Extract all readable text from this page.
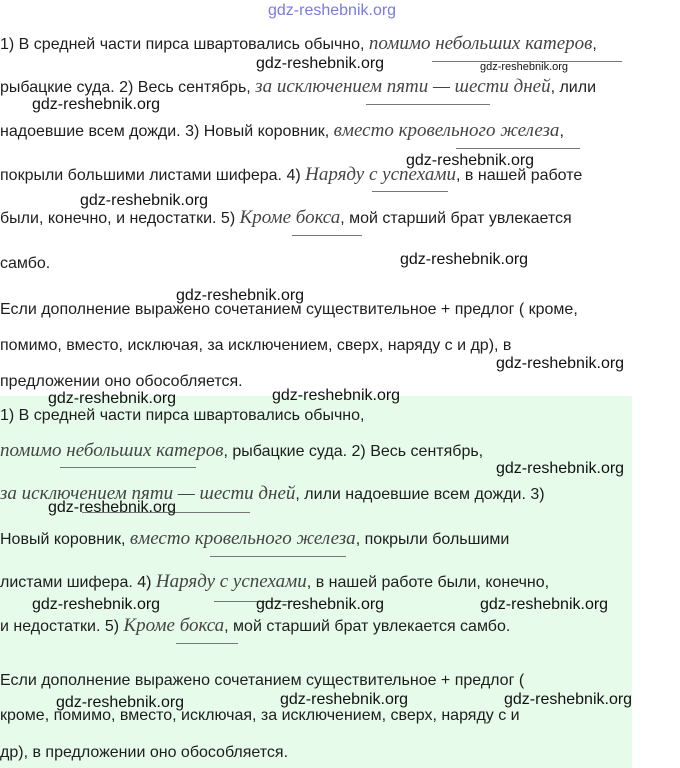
gdz-reshebnik.org
1) В средней части пирса швартовались обычно, помимо небольших катеров,
рыбацкие суда. 2) Весь сентябрь, за исключением пяти — шести дней, лили
надоевшие всем дожди. 3) Новый коровник, вместо кровельного железа,
покрыли большими листами шифера. 4) Наряду с успехами, в нашей работе
были, конечно, и недостатки. 5) Кроме бокса, мой старший брат увлекается
самбо.
Если дополнение выражено сочетанием существительное + предлог ( кроме,
помимо, вместо, исключая, за исключением, сверх, наряду с и др), в
предложении оно обособляется.
1) В средней части пирса швартовались обычно,
помимо небольших катеров, рыбацкие суда. 2) Весь сентябрь,
за исключением пяти — шести дней, лили надоевшие всем дожди. 3)
Новый коровник, вместо кровельного железа, покрыли большими
листами шифера. 4) Наряду с успехами, в нашей работе были, конечно,
и недостатки. 5) Кроме бокса, мой старший брат увлекается самбо.
Если дополнение выражено сочетанием существительное + предлог (
кроме, помимо, вместо, исключая, за исключением, сверх, наряду с и
др), в предложении оно обособляется.
gdz-reshebnik.org	gdz-reshebnik.org
gdz-reshebnik.org
gdz-reshebnik.org
gdz-reshebnik.org
gdz-reshebnik.org
gdz-reshebnik.org
gdz-reshebnik.org
gdz-reshebnik.org	gdz-reshebnik.org
gdz-reshebnik.org
gdz-reshebnik.org
gdz-reshebnik.org	gdz-reshebnik.org	gdz-reshebnik.org
gdz-reshebnik.org	gdz-reshebnik.org	gdz-reshebnik.org
